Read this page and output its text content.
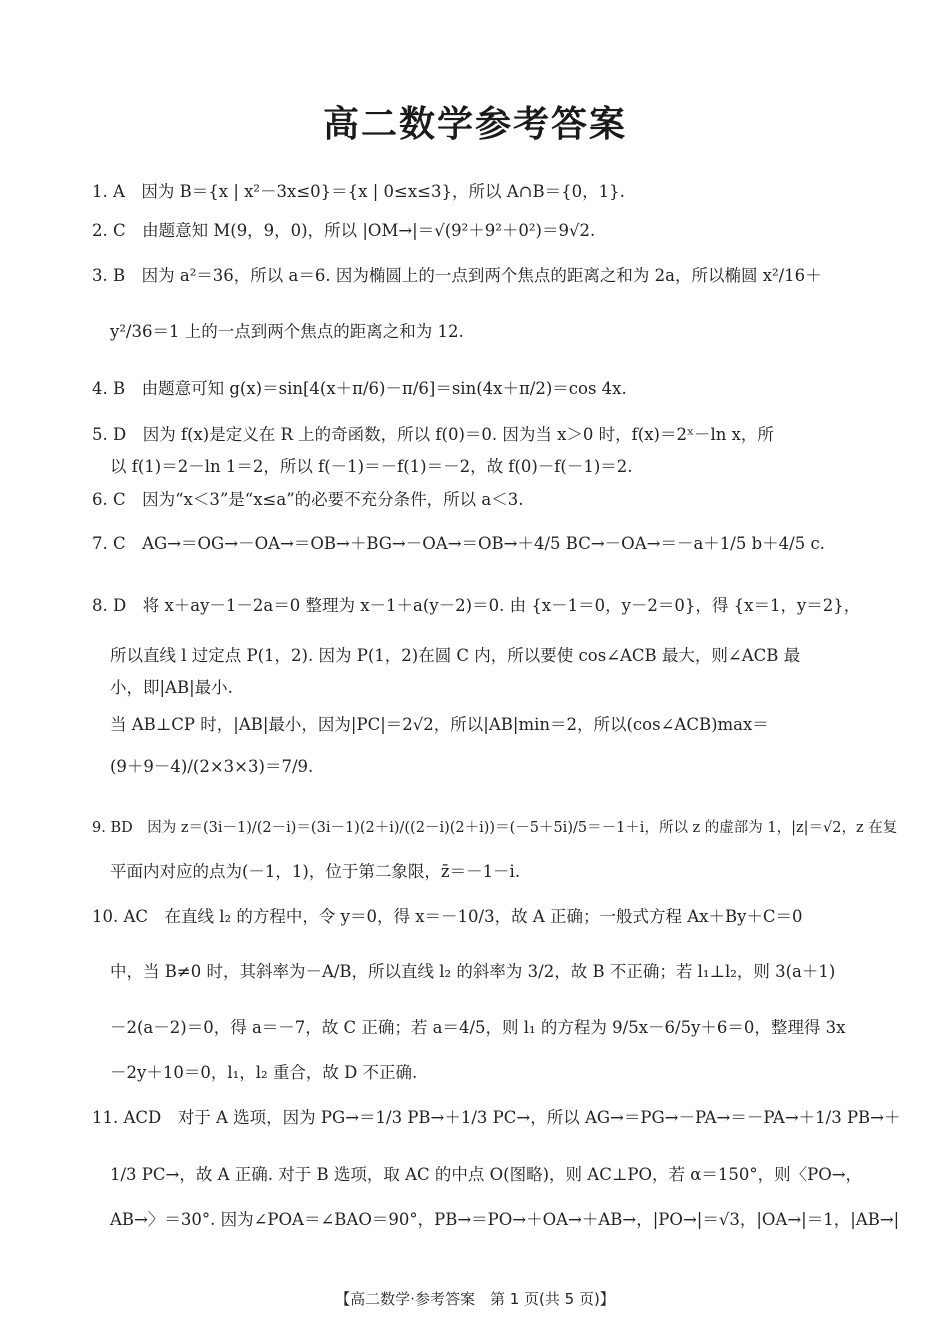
高二数学参考答案
1. A　因为 B＝{x | x²－3x≤0}＝{x | 0≤x≤3}，所以 A∩B＝{0，1}.
2. C　由题意知 M(9，9，0)，所以 |OM→|＝√(9²＋9²＋0²)＝9√2.
3. B　因为 a²＝36，所以 a＝6. 因为椭圆上的一点到两个焦点的距离之和为 2a，所以椭圆 x²/16＋
y²/36＝1 上的一点到两个焦点的距离之和为 12.
4. B　由题意可知 g(x)＝sin[4(x＋π/6)－π/6]＝sin(4x＋π/2)＝cos 4x.
5. D　因为 f(x)是定义在 R 上的奇函数，所以 f(0)＝0. 因为当 x＞0 时，f(x)＝2ˣ－ln x，所
以 f(1)＝2－ln 1＝2，所以 f(－1)＝－f(1)＝－2，故 f(0)－f(－1)＝2.
6. C　因为“x＜3”是“x≤a”的必要不充分条件，所以 a＜3.
7. C　AG→＝OG→－OA→＝OB→＋BG→－OA→＝OB→＋4/5 BC→－OA→＝－a＋1/5 b＋4/5 c.
8. D　将 x＋ay－1－2a＝0 整理为 x－1＋a(y－2)＝0. 由 {x－1＝0，y－2＝0}，得 {x＝1，y＝2}，
所以直线 l 过定点 P(1，2). 因为 P(1，2)在圆 C 内，所以要使 cos∠ACB 最大，则∠ACB 最
小，即|AB|最小.
当 AB⊥CP 时，|AB|最小，因为|PC|＝2√2，所以|AB|min＝2，所以(cos∠ACB)max＝
(9＋9－4)/(2×3×3)＝7/9.
9. BD　因为 z＝(3i－1)/(2－i)＝(3i－1)(2＋i)/((2－i)(2＋i))＝(－5＋5i)/5＝－1＋i，所以 z 的虚部为 1，|z|＝√2，z 在复
平面内对应的点为(－1，1)，位于第二象限，z̄＝－1－i.
10. AC　在直线 l₂ 的方程中，令 y＝0，得 x＝－10/3，故 A 正确；一般式方程 Ax＋By＋C＝0
中，当 B≠0 时，其斜率为－A/B，所以直线 l₂ 的斜率为 3/2，故 B 不正确；若 l₁⊥l₂，则 3(a＋1)
－2(a－2)＝0，得 a＝－7，故 C 正确；若 a＝4/5，则 l₁ 的方程为 9/5x－6/5y＋6＝0，整理得 3x
－2y＋10＝0，l₁，l₂ 重合，故 D 不正确.
11. ACD　对于 A 选项，因为 PG→＝1/3 PB→＋1/3 PC→，所以 AG→＝PG→－PA→＝－PA→＋1/3 PB→＋
1/3 PC→，故 A 正确. 对于 B 选项，取 AC 的中点 O(图略)，则 AC⊥PO，若 α＝150°，则〈PO→，
AB→〉＝30°. 因为∠POA＝∠BAO＝90°，PB→＝PO→＋OA→＋AB→，|PO→|＝√3，|OA→|＝1，|AB→|
【高二数学·参考答案　第 1 页(共 5 页)】
